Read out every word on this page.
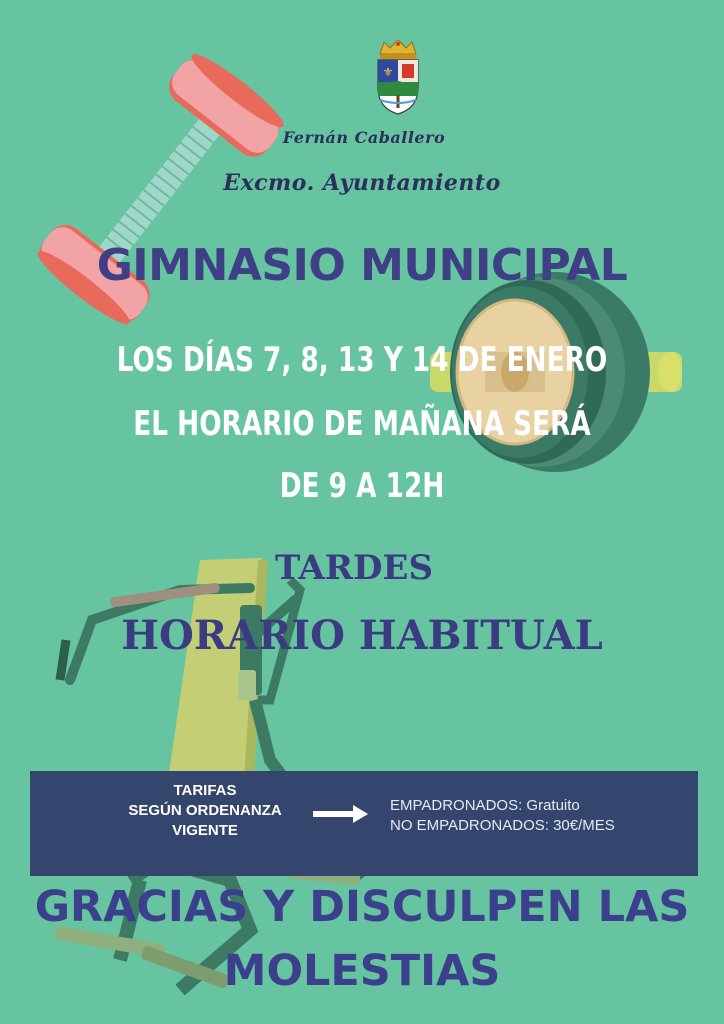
⚜
Fernán Caballero
Excmo. Ayuntamiento
GIMNASIO MUNICIPAL
LOS DÍAS 7, 8, 13 Y 14 DE ENERO
EL HORARIO DE MAÑANA SERÁ
DE 9 A 12H
TARDES
HORARIO HABITUAL
TARIFAS
SEGÚN ORDENANZA
VIGENTE
EMPADRONADOS: Gratuito
NO EMPADRONADOS: 30€/MES
GRACIAS Y DISCULPEN LAS
MOLESTIAS
